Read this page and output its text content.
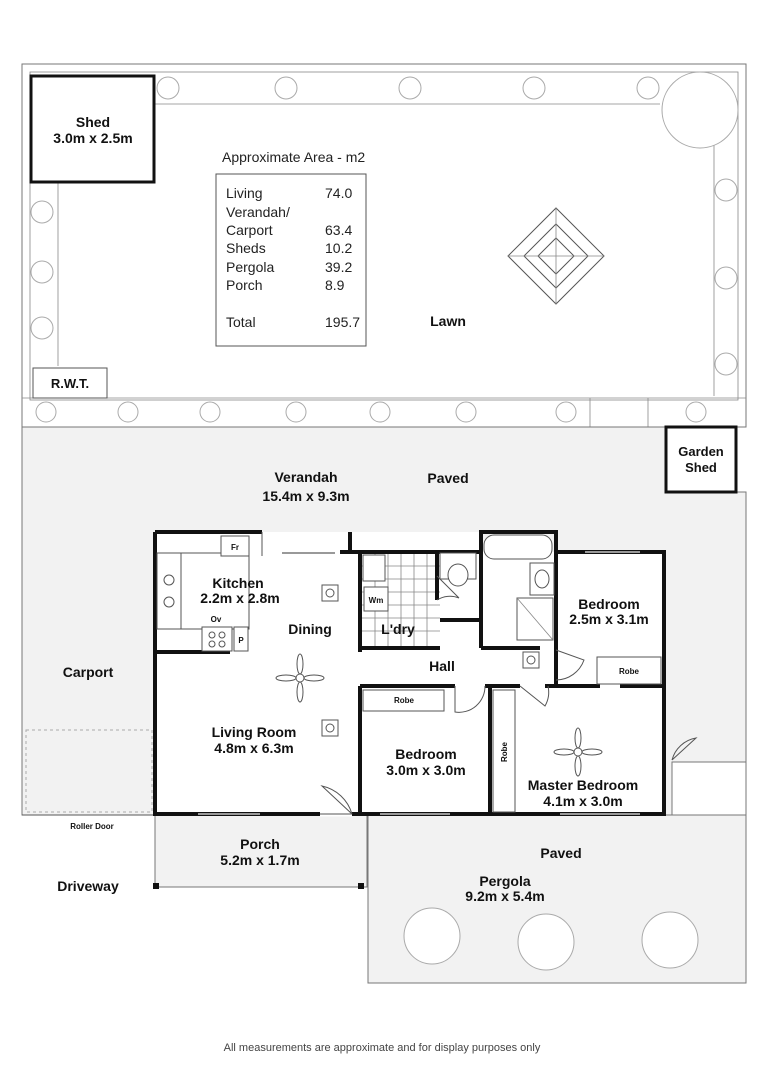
Shed
3.0m x 2.5m
R.W.T.
Approximate Area - m2
Living	74.0
Verandah/
Carport	63.4
Sheds	10.2
Pergola	39.2
Porch	8.9
Total	195.7	Lawn
Garden
Shed
Verandah
15.4m x 9.3m
Paved
Carport
Roller Door
Porch
5.2m x 1.7m	Paved
Pergola
9.2m x 5.4m
Driveway
Fr
Ov
P
Kitchen
2.2m x 2.8m
Dining
Wm
L'dry
Robe
Robe
Robe
Bedroom
2.5m x 3.1m
Hall
Living Room
4.8m x 6.3m	Bedroom
3.0m x 3.0m
Master Bedroom
4.1m x 3.0m
All measurements are approximate and for display purposes only
